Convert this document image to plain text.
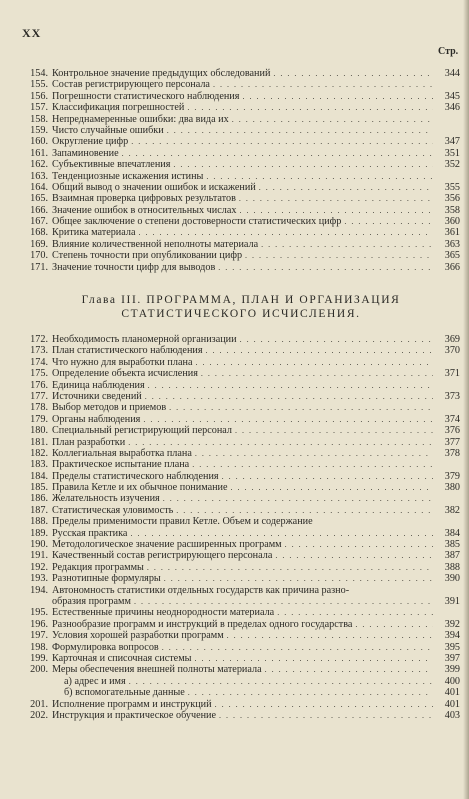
XX
Стр.
154. Контрольное значение предыдущих обследований . . .	344
155. Состав регистрирующего персонала
. . .
156. Погрешности статистического наблюдения . . .	345
157. Классификация погрешностей . . .	346
158. Непреднамеренные ошибки: два вида их
. . .
159. Чисто случайные ошибки
. . .
160. Округление цифр . . .	347
161. Запаминовение . . .	351
162. Субъективные впечатления . . .	352
163. Тенденциозные искажения истины
. . .
164. Общий вывод о значении ошибок и искажений . . .	355
165. Взаимная проверка цифровых результатов . . .	356
166. Значение ошибок в относительных числах . . .	358
167. Общее заключение о степени достоверности статистических цифр . . .	360
168. Критика материала . . .	361
169. Влияние количественной неполноты материала . . .	363
170. Степень точности при опубликовании цифр . . .	365
171. Значение точности цифр для выводов . . .	366
Глава III. ПРОГРАММА, ПЛАН И ОРГАНИЗАЦИЯ
СТАТИСТИЧЕСКОГО ИСЧИСЛЕНИЯ.
172. Необходимость планомерной организации . . .	369
173. План статистического наблюдения . . .	370
174. Что нужно для выработки плана
. . .
175. Определение объекта исчисления . . .	371
176. Единица наблюдения
. . .
177. Источники сведений . . .	373
178. Выбор методов и приемов
. . .
179. Органы наблюдения . . .	374
180. Специальный регистрирующий персонал . . .	376
181. План разработки . . .	377
182. Коллегиальная выработка плана . . .	378
183. Практическое испытание плана
. . .
184. Пределы статистического наблюдения . . .	379
185. Правила Кетле и их обычное понимание . . .	380
186. Желательность изучения
. . .
187. Статистическая уловимость . . .	382
188. Пределы применимости правил Кетле. Объем и содержание
189. Русская практика . . .	384
190. Методологическое значение расширенных программ . . .	385
191. Качественный состав регистрирующего персонала . . .	387
192. Редакция программы . . .	388
193. Разнотипные формуляры . . .	390
194. Автономность статистики отдельных государств как причина разно-
образия программ . . .	391
195. Естественные причины неоднородности материала
. . .
196. Разнообразие программ и инструкций в пределах одного государства . . .	392
197. Условия хорошей разработки программ . . .	394
198. Формулировка вопросов . . .	395
199. Карточная и списочная системы . . .	397
200. Меры обеспечения внешней полноты материала . . .	399
а) адрес и имя . . .	400
б) вспомогательные данные . . .	401
201. Исполнение программ и инструкций . . .	401
202. Инструкция и практическое обучение . . .	403
